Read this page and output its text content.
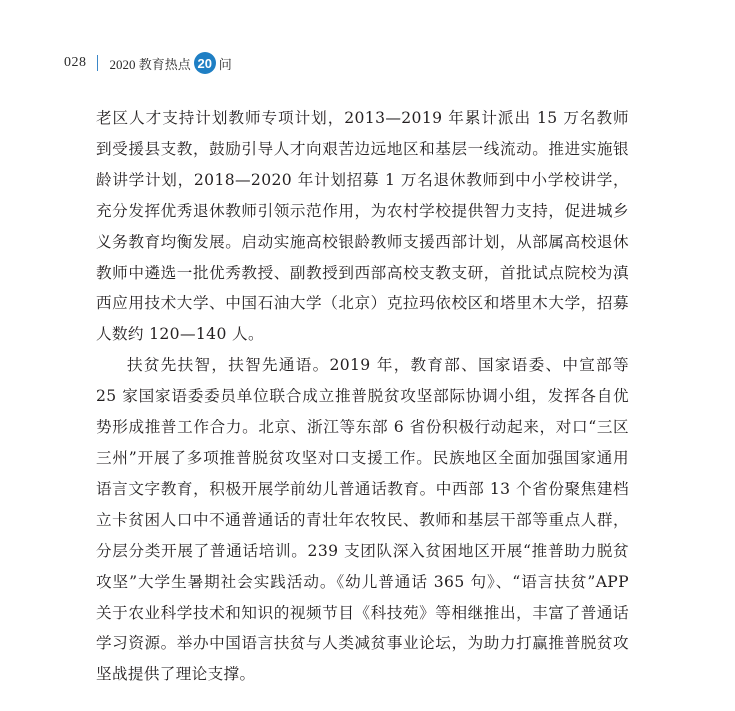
028 2020 教育热点 20 问

老区人才支持计划教师专项计划，2013—2019 年累计派出 15 万名教师到受援县支教，鼓励引导人才向艰苦边远地区和基层一线流动。推进实施银龄讲学计划，2018—2020 年计划招募 1 万名退休教师到中小学校讲学，充分发挥优秀退休教师引领示范作用，为农村学校提供智力支持，促进城乡义务教育均衡发展。启动实施高校银龄教师支援西部计划，从部属高校退休教师中遴选一批优秀教授、副教授到西部高校支教支研，首批试点院校为滇西应用技术大学、中国石油大学（北京）克拉玛依校区和塔里木大学，招募人数约 120—140 人。

扶贫先扶智，扶智先通语。2019 年，教育部、国家语委、中宣部等 25 家国家语委委员单位联合成立推普脱贫攻坚部际协调小组，发挥各自优势形成推普工作合力。北京、浙江等东部 6 省份积极行动起来，对口“三区三州”开展了多项推普脱贫攻坚对口支援工作。民族地区全面加强国家通用语言文字教育，积极开展学前幼儿普通话教育。中西部 13 个省份聚焦建档立卡贫困人口中不通普通话的青壮年农牧民、教师和基层干部等重点人群，分层分类开展了普通话培训。239 支团队深入贫困地区开展“推普助力脱贫攻坚”大学生暑期社会实践活动。《幼儿普通话 365 句》、“语言扶贫”APP 关于农业科学技术和知识的视频节目《科技苑》等相继推出，丰富了普通话学习资源。举办中国语言扶贫与人类减贫事业论坛，为助力打赢推普脱贫攻坚战提供了理论支撑。
